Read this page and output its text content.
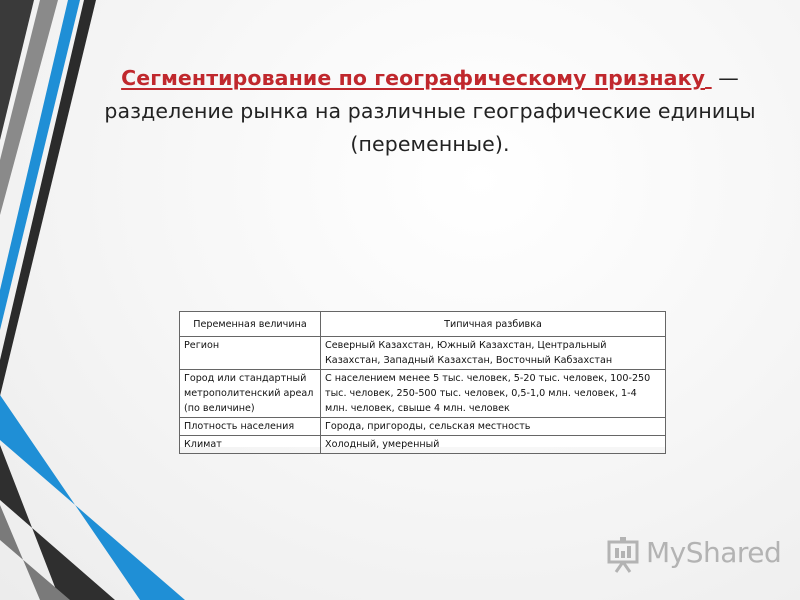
Сегментирование по географическому признаку  — разделение рынка на различные географические единицы (переменные).
Переменная величина	Типичная разбивка
Регион	Северный Казахстан, Южный Казахстан, Центральный Казахстан, Западный Казахстан, Восточный Кабзахстан
Город или стандартный метрополитенский ареал (по величине)	С населением менее 5 тыс. человек, 5-20 тыс. человек, 100-250 тыс. человек, 250-500 тыс. человек, 0,5-1,0 млн. человек, 1-4 млн. человек, свыше 4 млн. человек
Плотность населения	Города, пригороды, сельская местность
Климат	Холодный, умеренный
MyShared
